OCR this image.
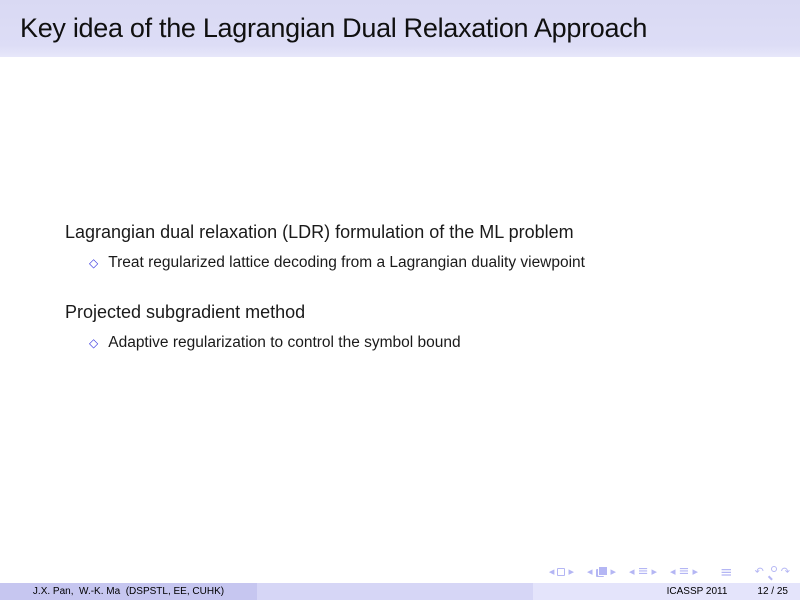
Key idea of the Lagrangian Dual Relaxation Approach
Lagrangian dual relaxation (LDR) formulation of the ML problem
◇ Treat regularized lattice decoding from a Lagrangian duality viewpoint
Projected subgradient method
◇ Adaptive regularization to control the symbol bound
◂ ▸ ◂ ▸ ◂ ≡ ▸ ◂ ≡ ▸ ≡ ↶ ↷
J.X. Pan,  W.-K. Ma  (DSPSTL, EE, CUHK)	ICASSP 2011	12 / 25
